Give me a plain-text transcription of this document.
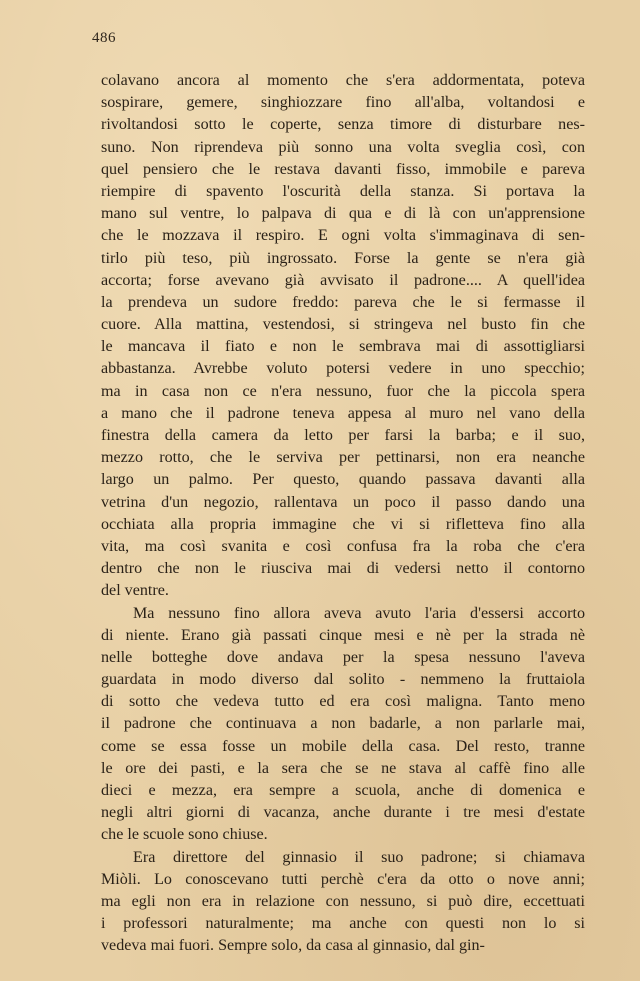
486
colavano ancora al momento che s'era addormentata, poteva
sospirare, gemere, singhiozzare fino all'alba, voltandosi e
rivoltandosi sotto le coperte, senza timore di disturbare nes-
suno. Non riprendeva più sonno una volta sveglia così, con
quel pensiero che le restava davanti fisso, immobile e pareva
riempire di spavento l'oscurità della stanza. Si portava la
mano sul ventre, lo palpava di qua e di là con un'apprensione
che le mozzava il respiro. E ogni volta s'immaginava di sen-
tirlo più teso, più ingrossato. Forse la gente se n'era già
accorta; forse avevano già avvisato il padrone.... A quell'idea
la prendeva un sudore freddo: pareva che le si fermasse il
cuore. Alla mattina, vestendosi, si stringeva nel busto fin che
le mancava il fiato e non le sembrava mai di assottigliarsi
abbastanza. Avrebbe voluto potersi vedere in uno specchio;
ma in casa non ce n'era nessuno, fuor che la piccola spera
a mano che il padrone teneva appesa al muro nel vano della
finestra della camera da letto per farsi la barba; e il suo,
mezzo rotto, che le serviva per pettinarsi, non era neanche
largo un palmo. Per questo, quando passava davanti alla
vetrina d'un negozio, rallentava un poco il passo dando una
occhiata alla propria immagine che vi si rifletteva fino alla
vita, ma così svanita e così confusa fra la roba che c'era
dentro che non le riusciva mai di vedersi netto il contorno
del ventre.
Ma nessuno fino allora aveva avuto l'aria d'essersi accorto
di niente. Erano già passati cinque mesi e nè per la strada nè
nelle botteghe dove andava per la spesa nessuno l'aveva
guardata in modo diverso dal solito - nemmeno la fruttaiola
di sotto che vedeva tutto ed era così maligna. Tanto meno
il padrone che continuava a non badarle, a non parlarle mai,
come se essa fosse un mobile della casa. Del resto, tranne
le ore dei pasti, e la sera che se ne stava al caffè fino alle
dieci e mezza, era sempre a scuola, anche di domenica e
negli altri giorni di vacanza, anche durante i tre mesi d'estate
che le scuole sono chiuse.
Era direttore del ginnasio il suo padrone; si chiamava
Miòli. Lo conoscevano tutti perchè c'era da otto o nove anni;
ma egli non era in relazione con nessuno, si può dire, eccettuati
i professori naturalmente; ma anche con questi non lo si
vedeva mai fuori. Sempre solo, da casa al ginnasio, dal gin-
